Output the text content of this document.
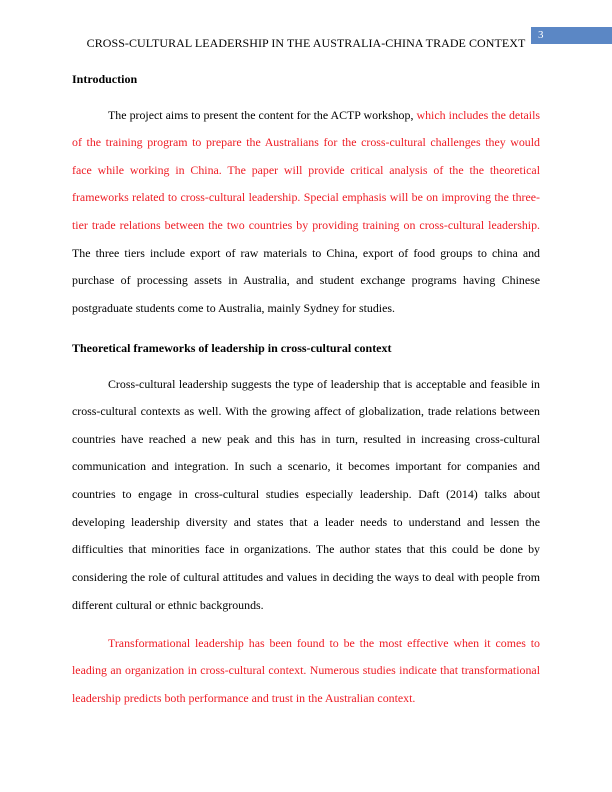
3
CROSS-CULTURAL LEADERSHIP IN THE AUSTRALIA-CHINA TRADE CONTEXT
Introduction

The project aims to present the content for the ACTP workshop, which includes the details of the training program to prepare the Australians for the cross-cultural challenges they would face while working in China. The paper will provide critical analysis of the the theoretical frameworks related to cross-cultural leadership. Special emphasis will be on improving the three-tier trade relations between the two countries by providing training on cross-cultural leadership. The three tiers include export of raw materials to China, export of food groups to china and purchase of processing assets in Australia, and student exchange programs having Chinese postgraduate students come to Australia, mainly Sydney for studies.

Theoretical frameworks of leadership in cross-cultural context

Cross-cultural leadership suggests the type of leadership that is acceptable and feasible in cross-cultural contexts as well. With the growing affect of globalization, trade relations between countries have reached a new peak and this has in turn, resulted in increasing cross-cultural communication and integration. In such a scenario, it becomes important for companies and countries to engage in cross-cultural studies especially leadership. Daft (2014) talks about developing leadership diversity and states that a leader needs to understand and lessen the difficulties that minorities face in organizations. The author states that this could be done by considering the role of cultural attitudes and values in deciding the ways to deal with people from different cultural or ethnic backgrounds.

Transformational leadership has been found to be the most effective when it comes to leading an organization in cross-cultural context. Numerous studies indicate that transformational leadership predicts both performance and trust in the Australian context.
